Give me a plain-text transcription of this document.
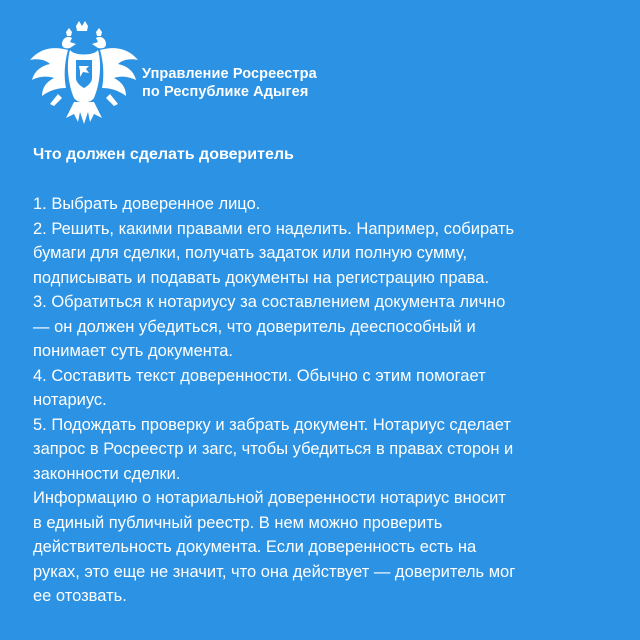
Управление Росреестра
по Республике Адыгея
Что должен сделать доверитель

1. Выбрать доверенное лицо.

2. Решить, какими правами его наделить. Например, собирать

бумаги для сделки, получать задаток или полную сумму,

подписывать и подавать документы на регистрацию права.

3. Обратиться к нотариусу за составлением документа лично

— он должен убедиться, что доверитель дееспособный и

понимает суть документа.

4. Составить текст доверенности. Обычно с этим помогает

нотариус.

5. Подождать проверку и забрать документ. Нотариус сделает

запрос в Росреестр и загс, чтобы убедиться в правах сторон и

законности сделки.

Информацию о нотариальной доверенности нотариус вносит

в единый публичный реестр. В нем можно проверить

действительность документа. Если доверенность есть на

руках, это еще не значит, что она действует — доверитель мог

ее отозвать.
